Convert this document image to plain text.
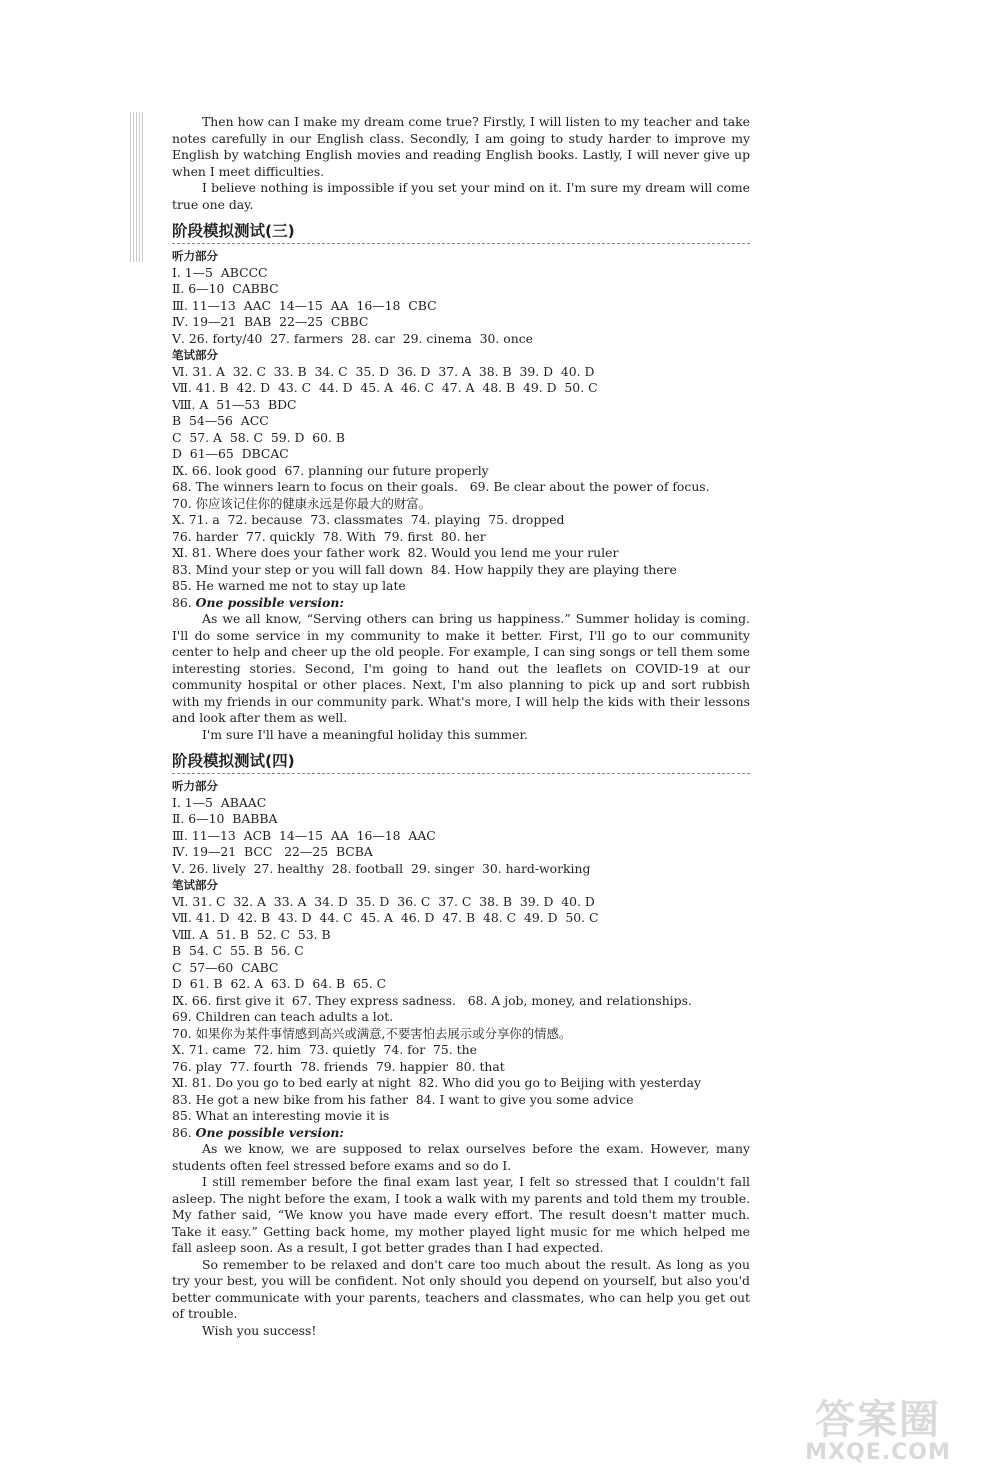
Then how can I make my dream come true? Firstly, I will listen to my teacher and take notes carefully in our English class. Secondly, I am going to study harder to improve my English by watching English movies and reading English books. Lastly, I will never give up when I meet difficulties.

I believe nothing is impossible if you set your mind on it. I'm sure my dream will come true one day.

阶段模拟测试(三)
听力部分
Ⅰ. 1—5  ABCCC
Ⅱ. 6—10  CABBC
Ⅲ. 11—13  AAC  14—15  AA  16—18  CBC
Ⅳ. 19—21  BAB  22—25  CBBC
Ⅴ. 26. forty/40  27. farmers  28. car  29. cinema  30. once
笔试部分
Ⅵ. 31. A  32. C  33. B  34. C  35. D  36. D  37. A  38. B  39. D  40. D
Ⅶ. 41. B  42. D  43. C  44. D  45. A  46. C  47. A  48. B  49. D  50. C
Ⅷ. A  51—53  BDC
B  54—56  ACC
C  57. A  58. C  59. D  60. B
D  61—65  DBCAC
Ⅸ. 66. look good  67. planning our future properly
68. The winners learn to focus on their goals.   69. Be clear about the power of focus.
70. 你应该记住你的健康永远是你最大的财富。
Ⅹ. 71. a  72. because  73. classmates  74. playing  75. dropped
76. harder  77. quickly  78. With  79. first  80. her
Ⅺ. 81. Where does your father work  82. Would you lend me your ruler
83. Mind your step or you will fall down  84. How happily they are playing there
85. He warned me not to stay up late
86. One possible version:

As we all know, “Serving others can bring us happiness.” Summer holiday is coming. I'll do some service in my community to make it better. First, I'll go to our community center to help and cheer up the old people. For example, I can sing songs or tell them some interesting stories. Second, I'm going to hand out the leaflets on COVID-19 at our community hospital or other places. Next, I'm also planning to pick up and sort rubbish with my friends in our community park. What's more, I will help the kids with their lessons and look after them as well.

I'm sure I'll have a meaningful holiday this summer.

阶段模拟测试(四)
听力部分
Ⅰ. 1—5  ABAAC
Ⅱ. 6—10  BABBA
Ⅲ. 11—13  ACB  14—15  AA  16—18  AAC
Ⅳ. 19—21  BCC   22—25  BCBA
Ⅴ. 26. lively  27. healthy  28. football  29. singer  30. hard-working
笔试部分
Ⅵ. 31. C  32. A  33. A  34. D  35. D  36. C  37. C  38. B  39. D  40. D
Ⅶ. 41. D  42. B  43. D  44. C  45. A  46. D  47. B  48. C  49. D  50. C
Ⅷ. A  51. B  52. C  53. B
B  54. C  55. B  56. C
C  57—60  CABC
D  61. B  62. A  63. D  64. B  65. C
Ⅸ. 66. first give it  67. They express sadness.   68. A job, money, and relationships.
69. Children can teach adults a lot.
70. 如果你为某件事情感到高兴或满意,不要害怕去展示或分享你的情感。
Ⅹ. 71. came  72. him  73. quietly  74. for  75. the
76. play  77. fourth  78. friends  79. happier  80. that
Ⅺ. 81. Do you go to bed early at night  82. Who did you go to Beijing with yesterday
83. He got a new bike from his father  84. I want to give you some advice
85. What an interesting movie it is
86. One possible version:

As we know, we are supposed to relax ourselves before the exam. However, many students often feel stressed before exams and so do I.

I still remember before the final exam last year, I felt so stressed that I couldn't fall asleep. The night before the exam, I took a walk with my parents and told them my trouble. My father said, “We know you have made every effort. The result doesn't matter much. Take it easy.” Getting back home, my mother played light music for me which helped me fall asleep soon. As a result, I got better grades than I had expected.

So remember to be relaxed and don't care too much about the result. As long as you try your best, you will be confident. Not only should you depend on yourself, but also you'd better communicate with your parents, teachers and classmates, who can help you get out of trouble.

Wish you success!

答案圈
MXQE.COM
